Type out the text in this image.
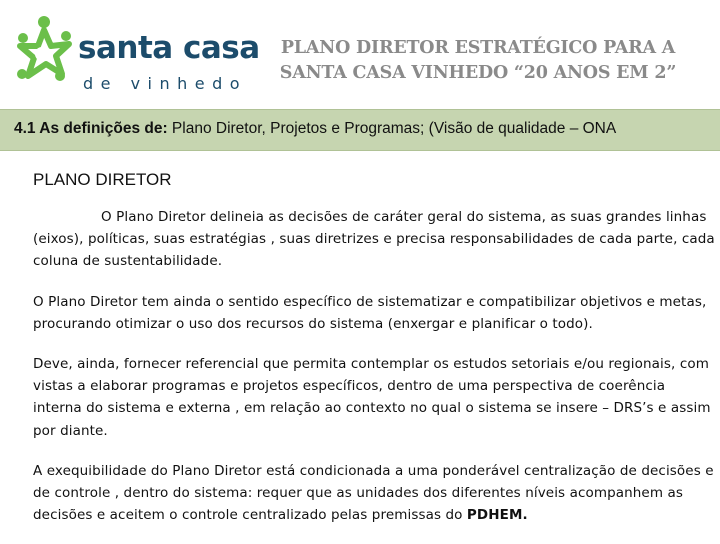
santa casa
de vinhedo
PLANO DIRETOR ESTRATÉGICO PARA A
SANTA CASA VINHEDO “20 ANOS EM 2”
4.1 As definições de: Plano Diretor, Projetos e Programas; (Visão de qualidade – ONA
PLANO DIRETOR

O Plano Diretor delineia as decisões de caráter geral do sistema, as suas grandes linhas (eixos), políticas, suas estratégias , suas diretrizes e precisa responsabilidades de cada parte, cada coluna de sustentabilidade.

O Plano Diretor tem ainda o sentido específico de sistematizar e compatibilizar objetivos e metas, procurando otimizar o uso dos recursos do sistema (enxergar e planificar o todo).

Deve, ainda, fornecer referencial que permita contemplar os estudos setoriais e/ou regionais, com vistas a elaborar programas e projetos específicos, dentro de uma perspectiva de coerência interna do sistema e externa , em relação ao contexto no qual o sistema se insere – DRS’s e assim por diante.

A exequibilidade do Plano Diretor está condicionada a uma ponderável centralização de decisões e de controle , dentro do sistema: requer que as unidades dos diferentes níveis acompanhem as decisões e aceitem o controle centralizado pelas premissas do PDHEM.
